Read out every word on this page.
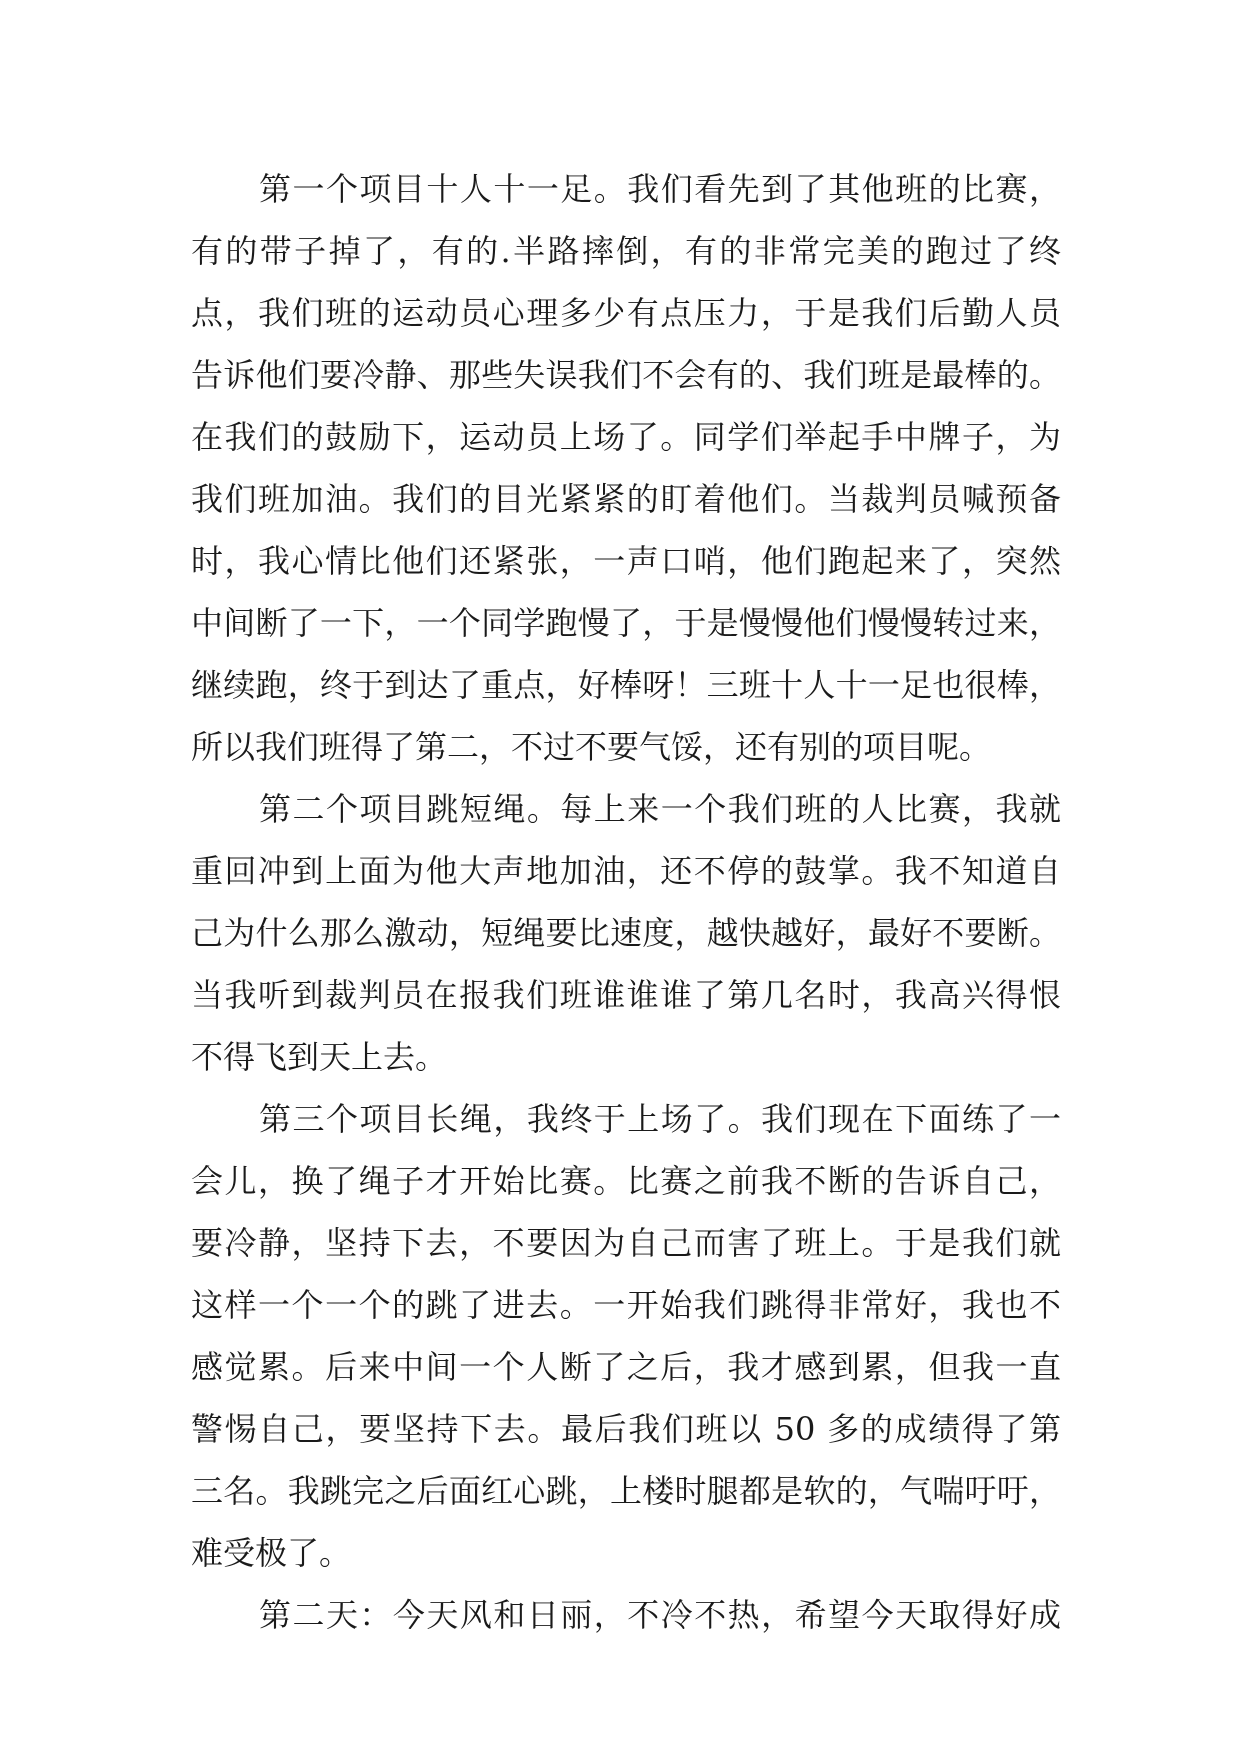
第一个项目十人十一足。我们看先到了其他班的比赛，
有的带子掉了，有的.半路摔倒，有的非常完美的跑过了终
点，我们班的运动员心理多少有点压力，于是我们后勤人员
告诉他们要冷静、那些失误我们不会有的、我们班是最棒的。
在我们的鼓励下，运动员上场了。同学们举起手中牌子，为
我们班加油。我们的目光紧紧的盯着他们。当裁判员喊预备
时，我心情比他们还紧张，一声口哨，他们跑起来了，突然
中间断了一下，一个同学跑慢了，于是慢慢他们慢慢转过来，
继续跑，终于到达了重点，好棒呀！三班十人十一足也很棒，
所以我们班得了第二，不过不要气馁，还有别的项目呢。
第二个项目跳短绳。每上来一个我们班的人比赛，我就
重回冲到上面为他大声地加油，还不停的鼓掌。我不知道自
己为什么那么激动，短绳要比速度，越快越好，最好不要断。
当我听到裁判员在报我们班谁谁谁了第几名时，我高兴得恨
不得飞到天上去。
第三个项目长绳，我终于上场了。我们现在下面练了一
会儿，换了绳子才开始比赛。比赛之前我不断的告诉自己，
要冷静，坚持下去，不要因为自己而害了班上。于是我们就
这样一个一个的跳了进去。一开始我们跳得非常好，我也不
感觉累。后来中间一个人断了之后，我才感到累，但我一直
警惕自己，要坚持下去。最后我们班以 50 多的成绩得了第
三名。我跳完之后面红心跳，上楼时腿都是软的，气喘吁吁，
难受极了。
第二天：今天风和日丽，不冷不热，希望今天取得好成
